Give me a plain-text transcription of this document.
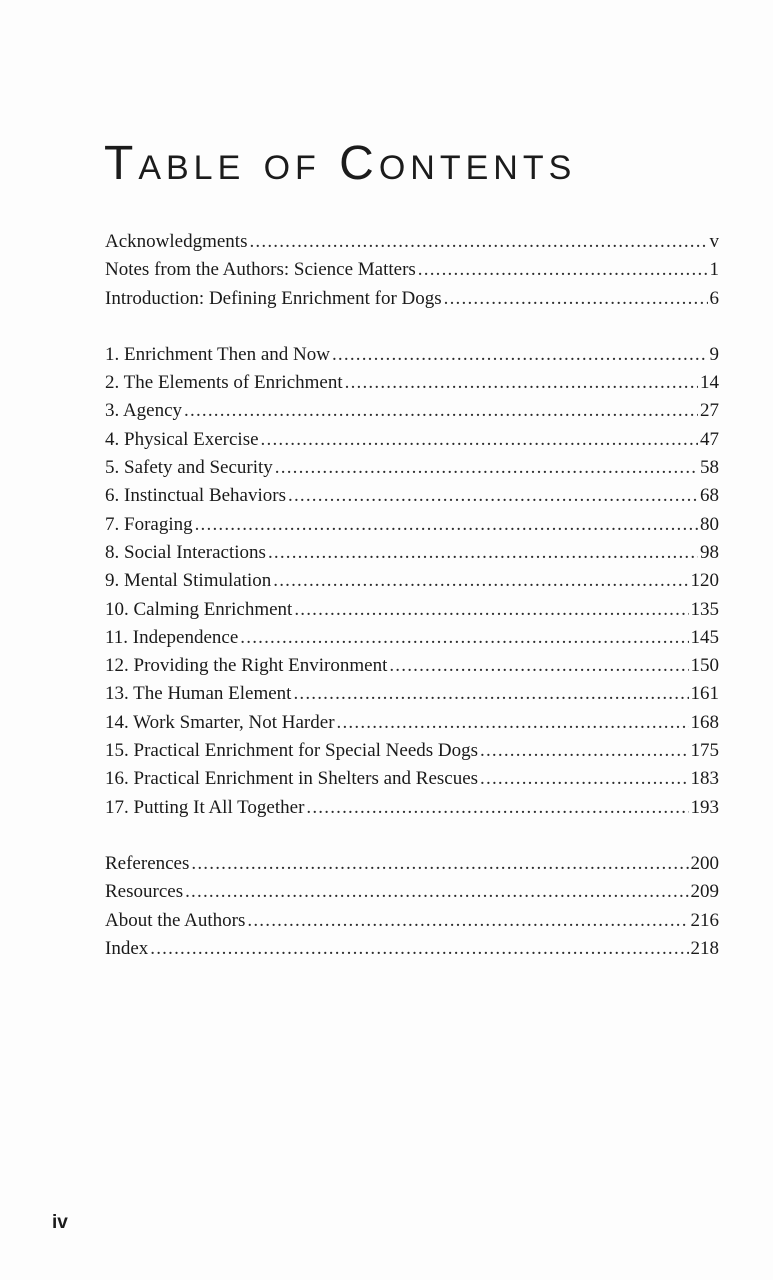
Table of Contents
Acknowledgments .....	v
Notes from the Authors: Science Matters .....	1
Introduction: Defining Enrichment for Dogs .....	6
1. Enrichment Then and Now .....	9
2. The Elements of Enrichment .....	14
3. Agency .....	27
4. Physical Exercise .....	47
5. Safety and Security .....	58
6. Instinctual Behaviors .....	68
7. Foraging .....	80
8. Social Interactions .....	98
9. Mental Stimulation .....	120
10. Calming Enrichment .....	135
11. Independence .....	145
12. Providing the Right Environment .....	150
13. The Human Element .....	161
14. Work Smarter, Not Harder .....	168
15. Practical Enrichment for Special Needs Dogs .....	175
16. Practical Enrichment in Shelters and Rescues .....	183
17. Putting It All Together .....	193
References .....	200
Resources .....	209
About the Authors .....	216
Index .....	218
iv
